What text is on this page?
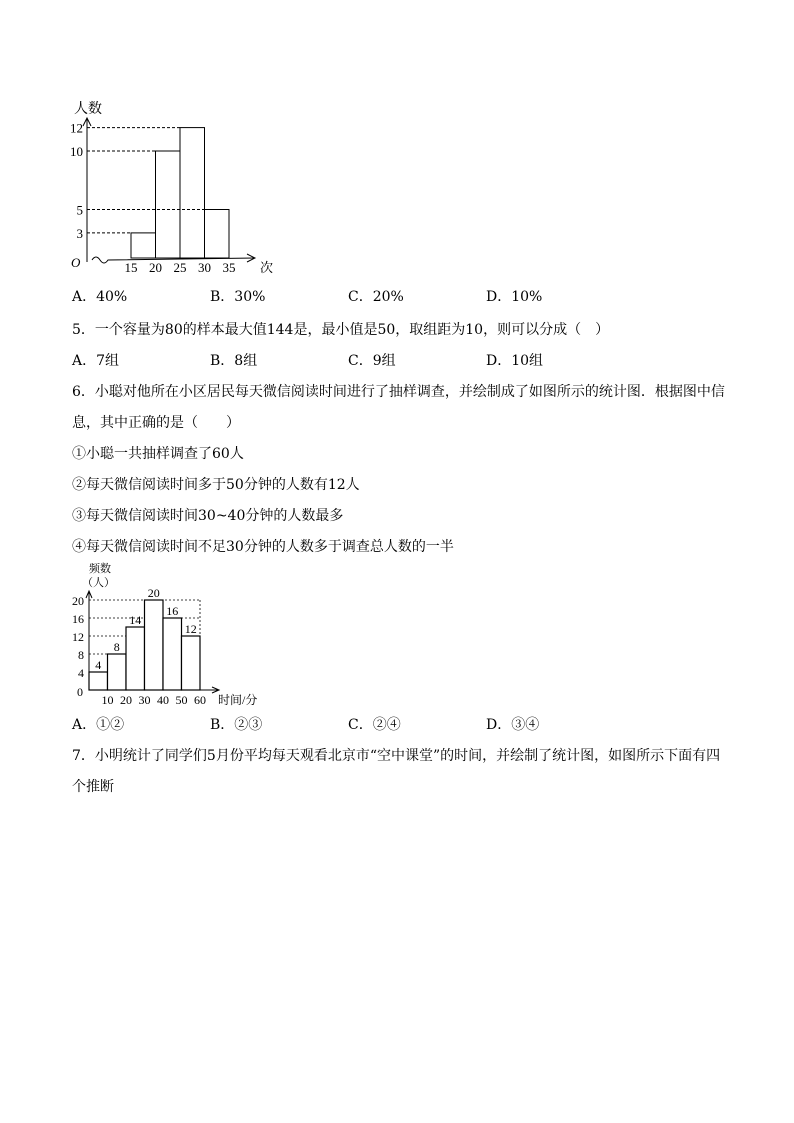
人数
次
O
3
5
10
12
15 20 25 30 35
A．40%	B．30%	C．20%	D．10%
5．一个容量为80的样本最大值144是，最小值是50，取组距为10，则可以分成（　）
A．7组	B．8组	C．9组	D．10组
6．小聪对他所在小区居民每天微信阅读时间进行了抽样调查，并绘制成了如图所示的统计图．根据图中信
息，其中正确的是（　　）
①小聪一共抽样调查了60人
②每天微信阅读时间多于50分钟的人数有12人
③每天微信阅读时间30~40分钟的人数最多
④每天微信阅读时间不足30分钟的人数多于调查总人数的一半
频数
（人）
时间/分
4
8
12
16
20
4
8
14
20
16
12
0
10 20 30 40 50 60
A．①②	B．②③	C．②④	D．③④
7．小明统计了同学们5月份平均每天观看北京市“空中课堂”的时间，并绘制了统计图，如图所示下面有四
个推断
